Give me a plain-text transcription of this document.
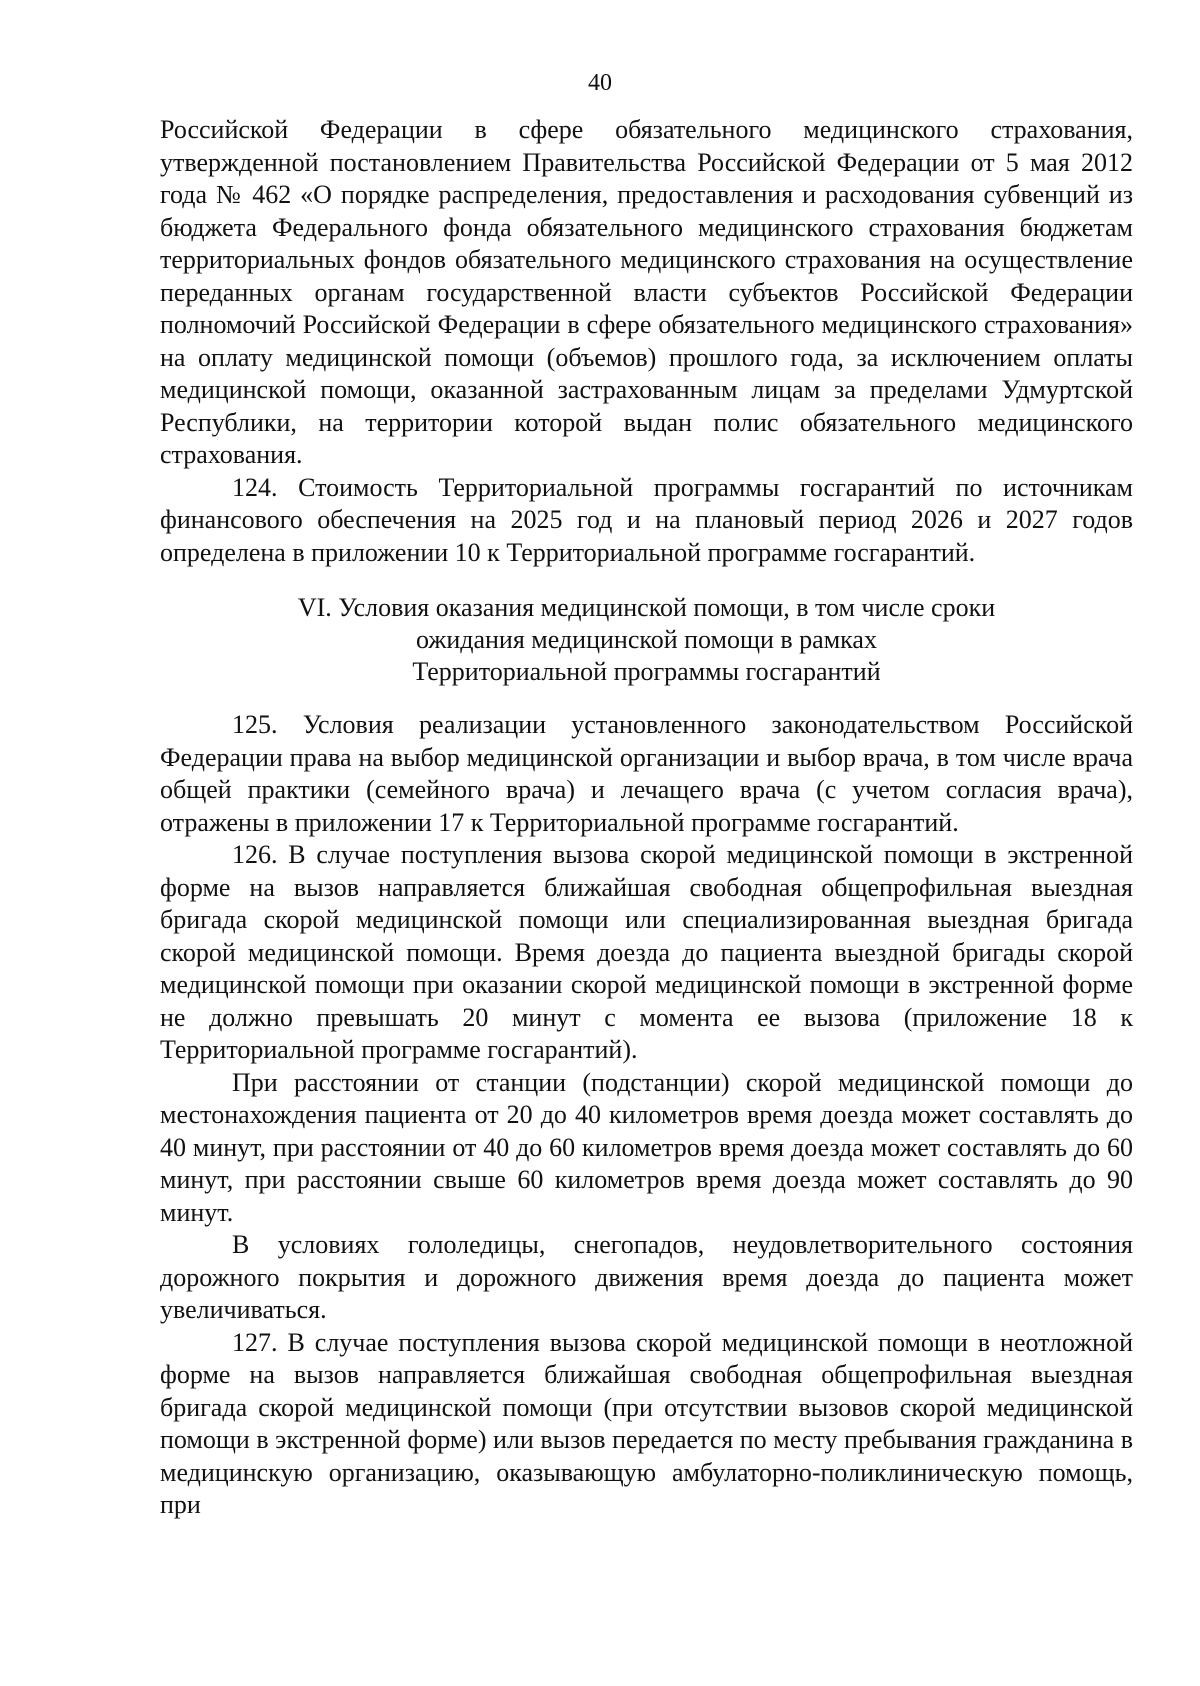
40

Российской Федерации в сфере обязательного медицинского страхования, утвержденной постановлением Правительства Российской Федерации от 5 мая 2012 года № 462 «О порядке распределения, предоставления и расходования субвенций из бюджета Федерального фонда обязательного медицинского страхования бюджетам территориальных фондов обязательного медицинского страхования на осуществление переданных органам государственной власти субъектов Российской Федерации полномочий Российской Федерации в сфере обязательного медицинского страхования» на оплату медицинской помощи (объемов) прошлого года, за исключением оплаты медицинской помощи, оказанной застрахованным лицам за пределами Удмуртской Республики, на территории которой выдан полис обязательного медицинского страхования.

124. Стоимость Территориальной программы госгарантий по источникам финансового обеспечения на 2025 год и на плановый период 2026 и 2027 годов определена в приложении 10 к Территориальной программе госгарантий.

VI. Условия оказания медицинской помощи, в том числе сроки
ожидания медицинской помощи в рамках
Территориальной программы госгарантий

125. Условия реализации установленного законодательством Российской Федерации права на выбор медицинской организации и выбор врача, в том числе врача общей практики (семейного врача) и лечащего врача (с учетом согласия врача), отражены в приложении 17 к Территориальной программе госгарантий.

126. В случае поступления вызова скорой медицинской помощи в экстренной форме на вызов направляется ближайшая свободная общепрофильная выездная бригада скорой медицинской помощи или специализированная выездная бригада скорой медицинской помощи. Время доезда до пациента выездной бригады скорой медицинской помощи при оказании скорой медицинской помощи в экстренной форме не должно превышать 20 минут с момента ее вызова (приложение 18 к Территориальной программе госгарантий).

При расстоянии от станции (подстанции) скорой медицинской помощи до местонахождения пациента от 20 до 40 километров время доезда может составлять до 40 минут, при расстоянии от 40 до 60 километров время доезда может составлять до 60 минут, при расстоянии свыше 60 километров время доезда может составлять до 90 минут.

В условиях гололедицы, снегопадов, неудовлетворительного состояния дорожного покрытия и дорожного движения время доезда до пациента может увеличиваться.

127. В случае поступления вызова скорой медицинской помощи в неотложной форме на вызов направляется ближайшая свободная общепрофильная выездная бригада скорой медицинской помощи (при отсутствии вызовов скорой медицинской помощи в экстренной форме) или вызов передается по месту пребывания гражданина в медицинскую организацию, оказывающую амбулаторно-поликлиническую помощь, при
